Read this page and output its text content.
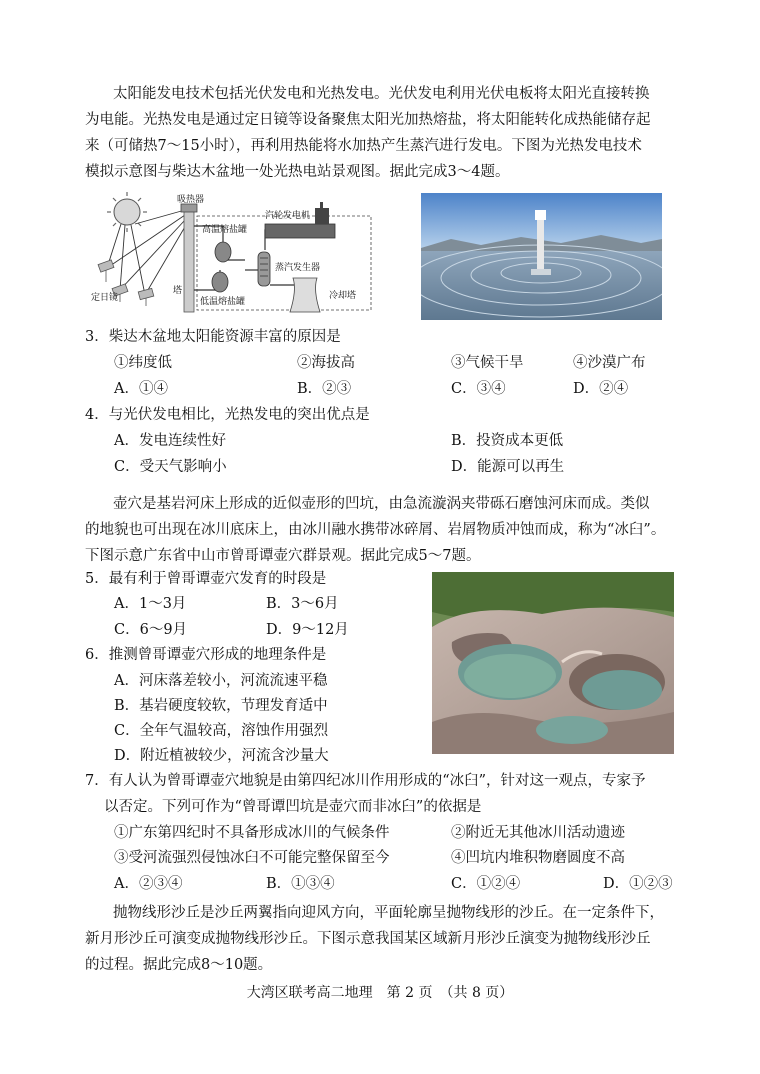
太阳能发电技术包括光伏发电和光热发电。光伏发电利用光伏电板将太阳光直接转换
为电能。光热发电是通过定日镜等设备聚焦太阳光加热熔盐，将太阳能转化成热能储存起
来（可储热7～15小时），再利用热能将水加热产生蒸汽进行发电。下图为光热发电技术
模拟示意图与柴达木盆地一处光热电站景观图。据此完成3～4题。
吸热器
塔
定日镜
高温熔盐罐
低温熔盐罐
蒸汽发生器
汽轮发电机
冷却塔
3．柴达木盆地太阳能资源丰富的原因是
①纬度低	②海拔高	③气候干旱	④沙漠广布
A．①④	B．②③	C．③④	D．②④
4．与光伏发电相比，光热发电的突出优点是
A．发电连续性好	B．投资成本更低
C．受天气影响小	D．能源可以再生
壶穴是基岩河床上形成的近似壶形的凹坑，由急流漩涡夹带砾石磨蚀河床而成。类似
的地貌也可出现在冰川底床上，由冰川融水携带冰碎屑、岩屑物质冲蚀而成，称为“冰臼”。
下图示意广东省中山市曾哥谭壶穴群景观。据此完成5～7题。
5．最有利于曾哥谭壶穴发育的时段是
A．1～3月	B．3～6月
C．6～9月	D．9～12月
6．推测曾哥谭壶穴形成的地理条件是
A．河床落差较小，河流流速平稳
B．基岩硬度较软，节理发育适中
C．全年气温较高，溶蚀作用强烈
D．附近植被较少，河流含沙量大
7．有人认为曾哥谭壶穴地貌是由第四纪冰川作用形成的“冰臼”，针对这一观点，专家予
以否定。下列可作为“曾哥谭凹坑是壶穴而非冰臼”的依据是
①广东第四纪时不具备形成冰川的气候条件	②附近无其他冰川活动遗迹
③受河流强烈侵蚀冰臼不可能完整保留至今	④凹坑内堆积物磨圆度不高
A．②③④	B．①③④	C．①②④	D．①②③
抛物线形沙丘是沙丘两翼指向迎风方向，平面轮廓呈抛物线形的沙丘。在一定条件下，
新月形沙丘可演变成抛物线形沙丘。下图示意我国某区域新月形沙丘演变为抛物线形沙丘
的过程。据此完成8～10题。
大湾区联考高二地理　第 2 页　（共 8 页）
